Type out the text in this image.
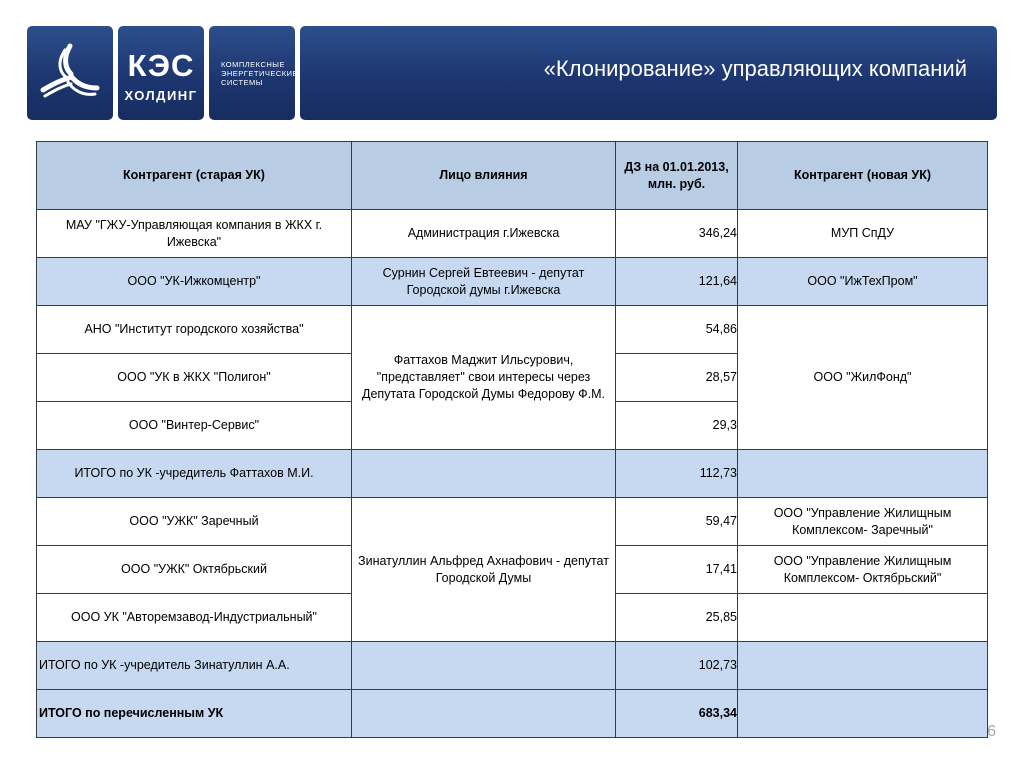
КЭС
ХОЛДИНГ
КОМПЛЕКСНЫЕ
ЭНЕРГЕТИЧЕСКИЕ
СИСТЕМЫ
«Клонирование» управляющих компаний
Контрагент (старая УК)	Лицо влияния	ДЗ на 01.01.2013, млн. руб.	Контрагент (новая УК)
МАУ "ГЖУ-Управляющая компания в ЖКХ г. Ижевска"	Администрация г.Ижевска	346,24	МУП СпДУ
ООО "УК-Ижкомцентр"	Сурнин Сергей Евтеевич - депутат Городской думы г.Ижевска	121,64	ООО "ИжТехПром"
АНО "Институт городского хозяйства"	Фаттахов Маджит Ильсурович, "представляет" свои интересы через Депутата Городской Думы Федорову Ф.М.	54,86	ООО "ЖилФонд"
ООО "УК в ЖКХ "Полигон"		28,57	
ООО "Винтер-Сервис"		29,3	
ИТОГО по УК -учредитель Фаттахов М.И.		112,73	
ООО "УЖК" Заречный	Зинатуллин Альфред Ахнафович - депутат Городской Думы	59,47	ООО "Управление Жилищным Комплексом- Заречный"
ООО "УЖК" Октябрьский		17,41	ООО "Управление Жилищным Комплексом- Октябрьский"
ООО УК "Авторемзавод-Индустриальный"		25,85	
ИТОГО по УК -учредитель Зинатуллин А.А.		102,73	
ИТОГО по перечисленным УК		683,34	
6
